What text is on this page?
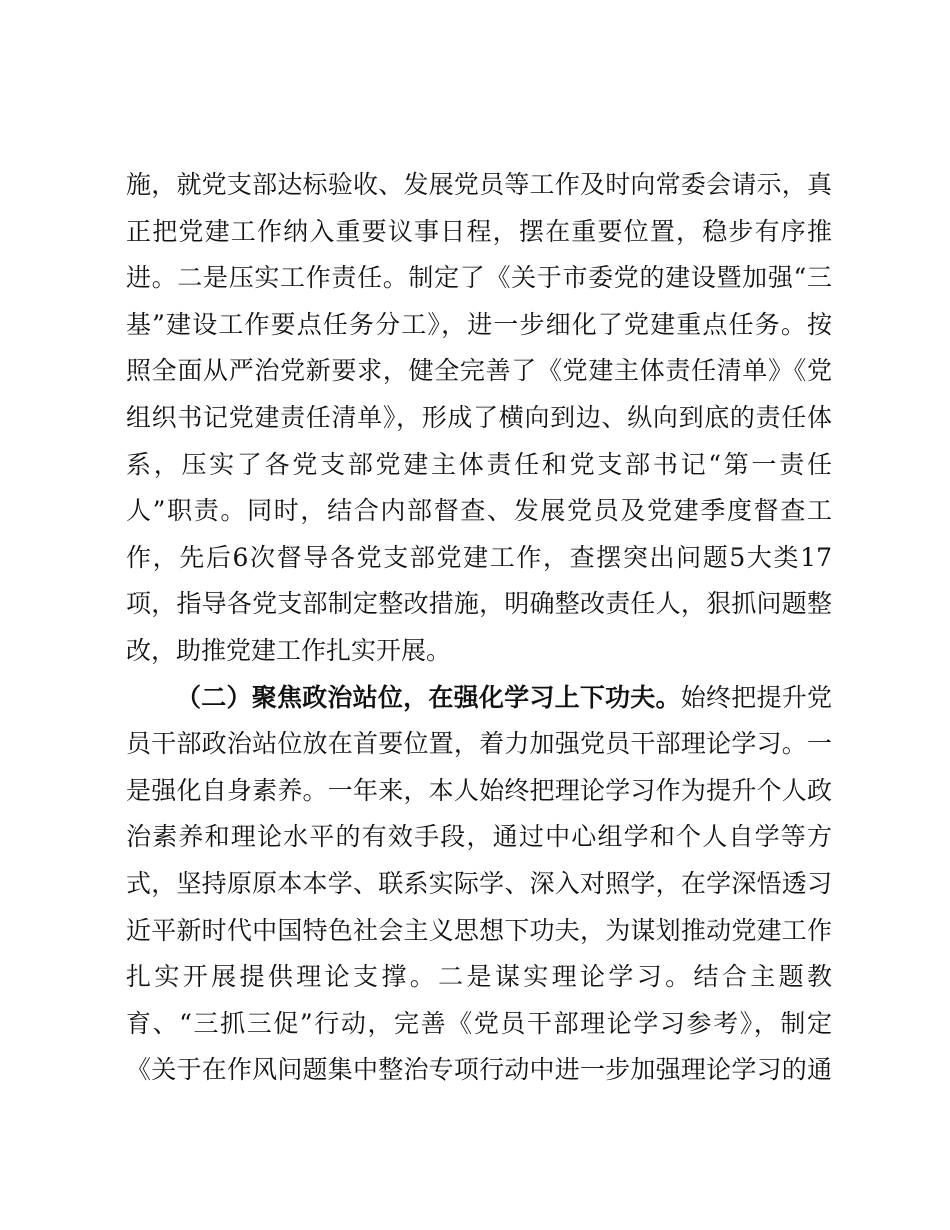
施，就党支部达标验收、发展党员等工作及时向常委会请示，真
正把党建工作纳入重要议事日程，摆在重要位置，稳步有序推
进。二是压实工作责任。制定了《关于市委党的建设暨加强“三
基”建设工作要点任务分工》，进一步细化了党建重点任务。按
照全面从严治党新要求，健全完善了《党建主体责任清单》《党
组织书记党建责任清单》，形成了横向到边、纵向到底的责任体
系，压实了各党支部党建主体责任和党支部书记“第一责任
人”职责。同时，结合内部督查、发展党员及党建季度督查工
作，先后6次督导各党支部党建工作，查摆突出问题5大类17
项，指导各党支部制定整改措施，明确整改责任人，狠抓问题整
改，助推党建工作扎实开展。
（二）聚焦政治站位，在强化学习上下功夫。始终把提升党
员干部政治站位放在首要位置，着力加强党员干部理论学习。一
是强化自身素养。一年来，本人始终把理论学习作为提升个人政
治素养和理论水平的有效手段，通过中心组学和个人自学等方
式，坚持原原本本学、联系实际学、深入对照学，在学深悟透习
近平新时代中国特色社会主义思想下功夫，为谋划推动党建工作
扎实开展提供理论支撑。二是谋实理论学习。结合主题教
育、“三抓三促”行动，完善《党员干部理论学习参考》，制定
《关于在作风问题集中整治专项行动中进一步加强理论学习的通
